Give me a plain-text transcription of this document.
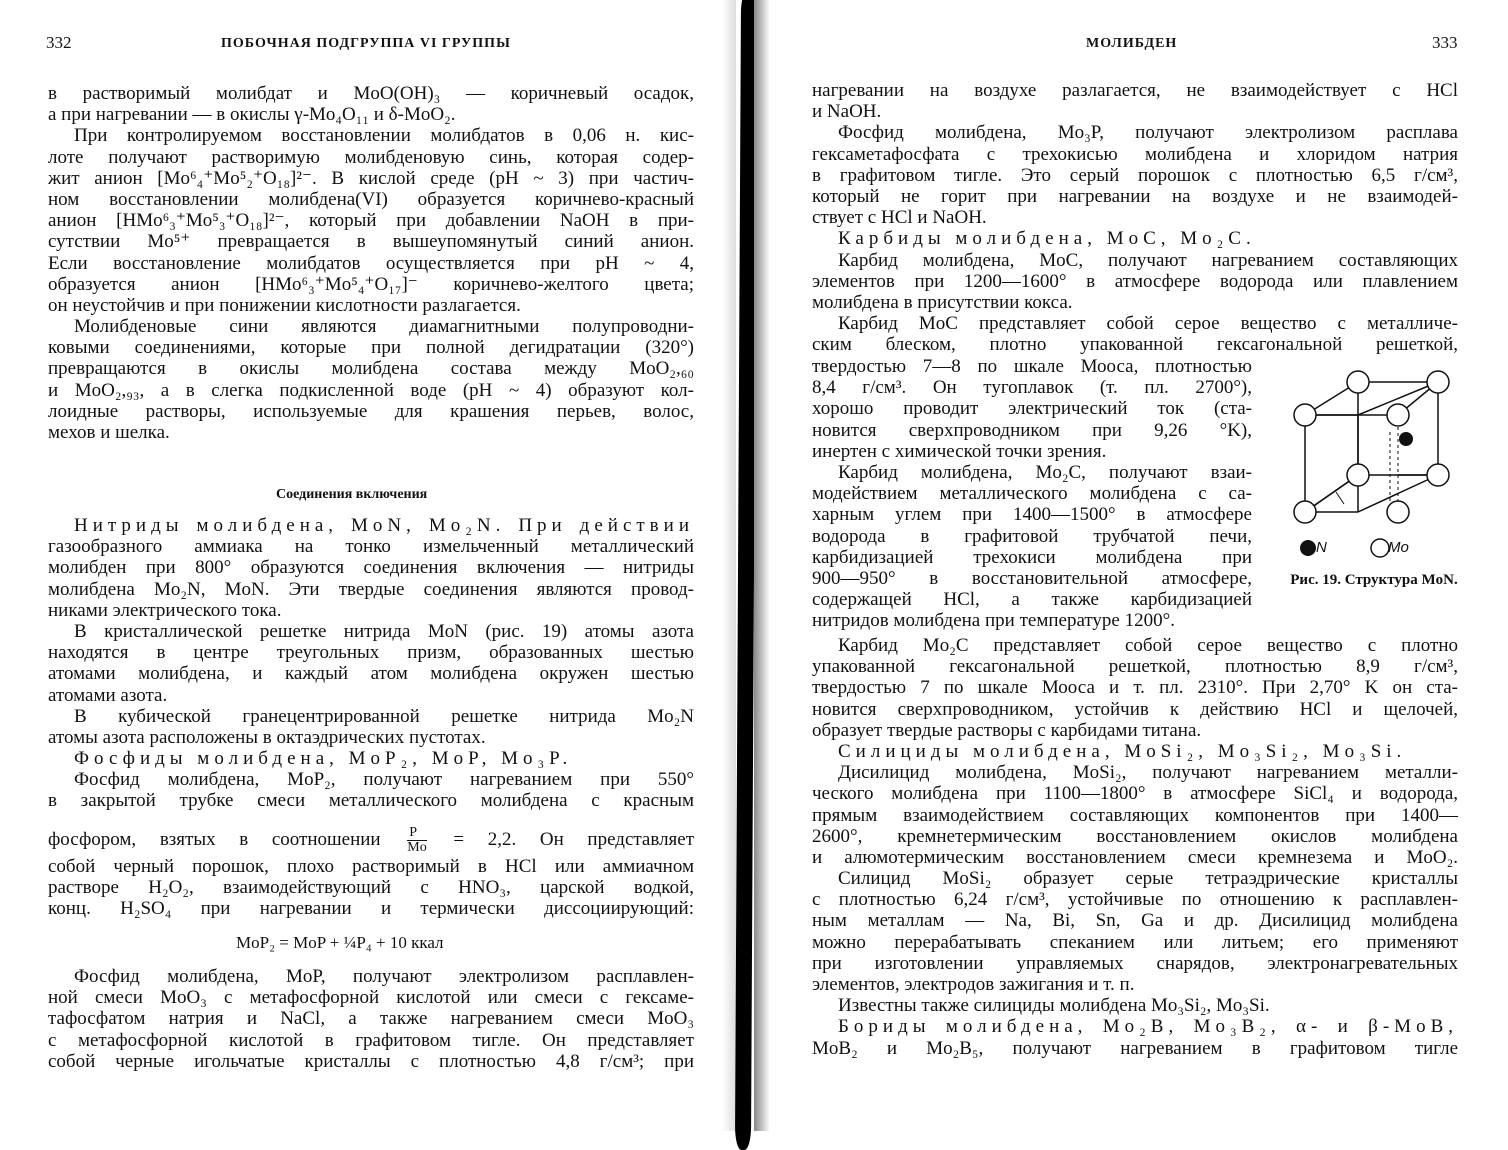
332	ПОБОЧНАЯ ПОДГРУППА VI ГРУППЫ
в растворимый молибдат и MoO(OH)₃ — коричневый осадок,
а при нагревании — в окислы γ-Mo₄O₁₁ и δ-MoO₂.
При контролируемом восстановлении молибдатов в 0,06 н. кис-
лоте получают растворимую молибденовую синь, которая содер-
жит анион [Mo⁶₄⁺Mo⁵₂⁺O₁₈]²⁻. В кислой среде (pH ~ 3) при частич-
ном восстановлении молибдена(VI) образуется коричнево-красный
анион [HMo⁶₃⁺Mo⁵₃⁺O₁₈]²⁻, который при добавлении NaOH в при-
сутствии Mo⁵⁺ превращается в вышеупомянутый синий анион.
Если восстановление молибдатов осуществляется при pH ~ 4,
образуется анион [HMo⁶₃⁺Mo⁵₄⁺O₁₇]⁻ коричнево-желтого цвета;
он неустойчив и при понижении кислотности разлагается.
Молибденовые сини являются диамагнитными полупроводни-
ковыми соединениями, которые при полной дегидратации (320°)
превращаются в окислы молибдена состава между MoO₂,₆₀
и MoO₂,₉₃, а в слегка подкисленной воде (pH ~ 4) образуют кол-
лоидные растворы, используемые для крашения перьев, волос,
мехов и шелка.
Соединения включения
Нитриды молибдена, MoN, Mo₂N. При действии
газообразного аммиака на тонко измельченный металлический
молибден при 800° образуются соединения включения — нитриды
молибдена Mo₂N, MoN. Эти твердые соединения являются провод-
никами электрического тока.
В кристаллической решетке нитрида MoN (рис. 19) атомы азота
находятся в центре треугольных призм, образованных шестью
атомами молибдена, и каждый атом молибдена окружен шестью
атомами азота.
В кубической гранецентрированной решетке нитрида Mo₂N
атомы азота расположены в октаэдрических пустотах.
Фосфиды молибдена, MoP₂, MoP, Mo₃P.
Фосфид молибдена, MoP₂, получают нагреванием при 550°
в закрытой трубке смеси металлического молибдена с красным
фосфором, взятых в соотношении $\frac{P}{Mo} = 2,2$. Он представляет
собой черный порошок, плохо растворимый в HCl или аммиачном
растворе H₂O₂, взаимодействующий с HNO₃, царской водкой,
конц. H₂SO₄ при нагревании и термически диссоциирующий:
MoP₂ = MoP + ¼P₄ + 10 ккал
Фосфид молибдена, MoP, получают электролизом расплавлен-
ной смеси MoO₃ с метафосфорной кислотой или смеси с гексаме-
тафосфатом натрия и NaCl, а также нагреванием смеси MoO₃
с метафосфорной кислотой в графитовом тигле. Он представляет
собой черные игольчатые кристаллы с плотностью 4,8 г/см³; при
МОЛИБДЕН	333
нагревании на воздухе разлагается, не взаимодействует с HCl
и NaOH.
Фосфид молибдена, Mo₃P, получают электролизом расплава
гексаметафосфата с трехокисью молибдена и хлоридом натрия
в графитовом тигле. Это серый порошок с плотностью 6,5 г/см³,
который не горит при нагревании на воздухе и не взаимодей-
ствует с HCl и NaOH.
Карбиды молибдена, MoC, Mo₂C.
Карбид молибдена, MoC, получают нагреванием составляющих
элементов при 1200—1600° в атмосфере водорода или плавлением
молибдена в присутствии кокса.
Карбид MoC представляет собой серое вещество с металличе-
ским блеском, плотно упакованной гексагональной решеткой,
твердостью 7—8 по шкале Мооса, плотностью
8,4 г/см³. Он тугоплавок (т. пл. 2700°),
хорошо проводит электрический ток (ста-
новится сверхпроводником при 9,26 °K),
инертен с химической точки зрения.
Карбид молибдена, Mo₂C, получают взаи-
модействием металлического молибдена с са-
харным углем при 1400—1500° в атмосфере
водорода в графитовой трубчатой печи,
карбидизацией трехокиси молибдена при
900—950° в восстановительной атмосфере,
содержащей HCl, а также карбидизацией
нитридов молибдена при температуре 1200°.
N	Mo
Рис. 19. Структура MoN.
Карбид Mo₂C представляет собой серое вещество с плотно
упакованной гексагональной решеткой, плотностью 8,9 г/см³,
твердостью 7 по шкале Мооса и т. пл. 2310°. При 2,70° K он ста-
новится сверхпроводником, устойчив к действию HCl и щелочей,
образует твердые растворы с карбидами титана.
Силициды молибдена, MoSi₂, Mo₃Si₂, Mo₃Si.
Дисилицид молибдена, MoSi₂, получают нагреванием металли-
ческого молибдена при 1100—1800° в атмосфере SiCl₄ и водорода,
прямым взаимодействием составляющих компонентов при 1400—
2600°, кремнетермическим восстановлением окислов молибдена
и алюмотермическим восстановлением смеси кремнезема и MoO₂.
Силицид MoSi₂ образует серые тетраэдрические кристаллы
с плотностью 6,24 г/см³, устойчивые по отношению к расплавлен-
ным металлам — Na, Bi, Sn, Ga и др. Дисилицид молибдена
можно перерабатывать спеканием или литьем; его применяют
при изготовлении управляемых снарядов, электронагревательных
элементов, электродов зажигания и т. п.
Известны также силициды молибдена Mo₃Si₂, Mo₃Si.
Бориды молибдена, Mo₂B, Mo₃B₂, α- и β-MoB,
MoB₂ и Mo₂B₅, получают нагреванием в графитовом тигле
